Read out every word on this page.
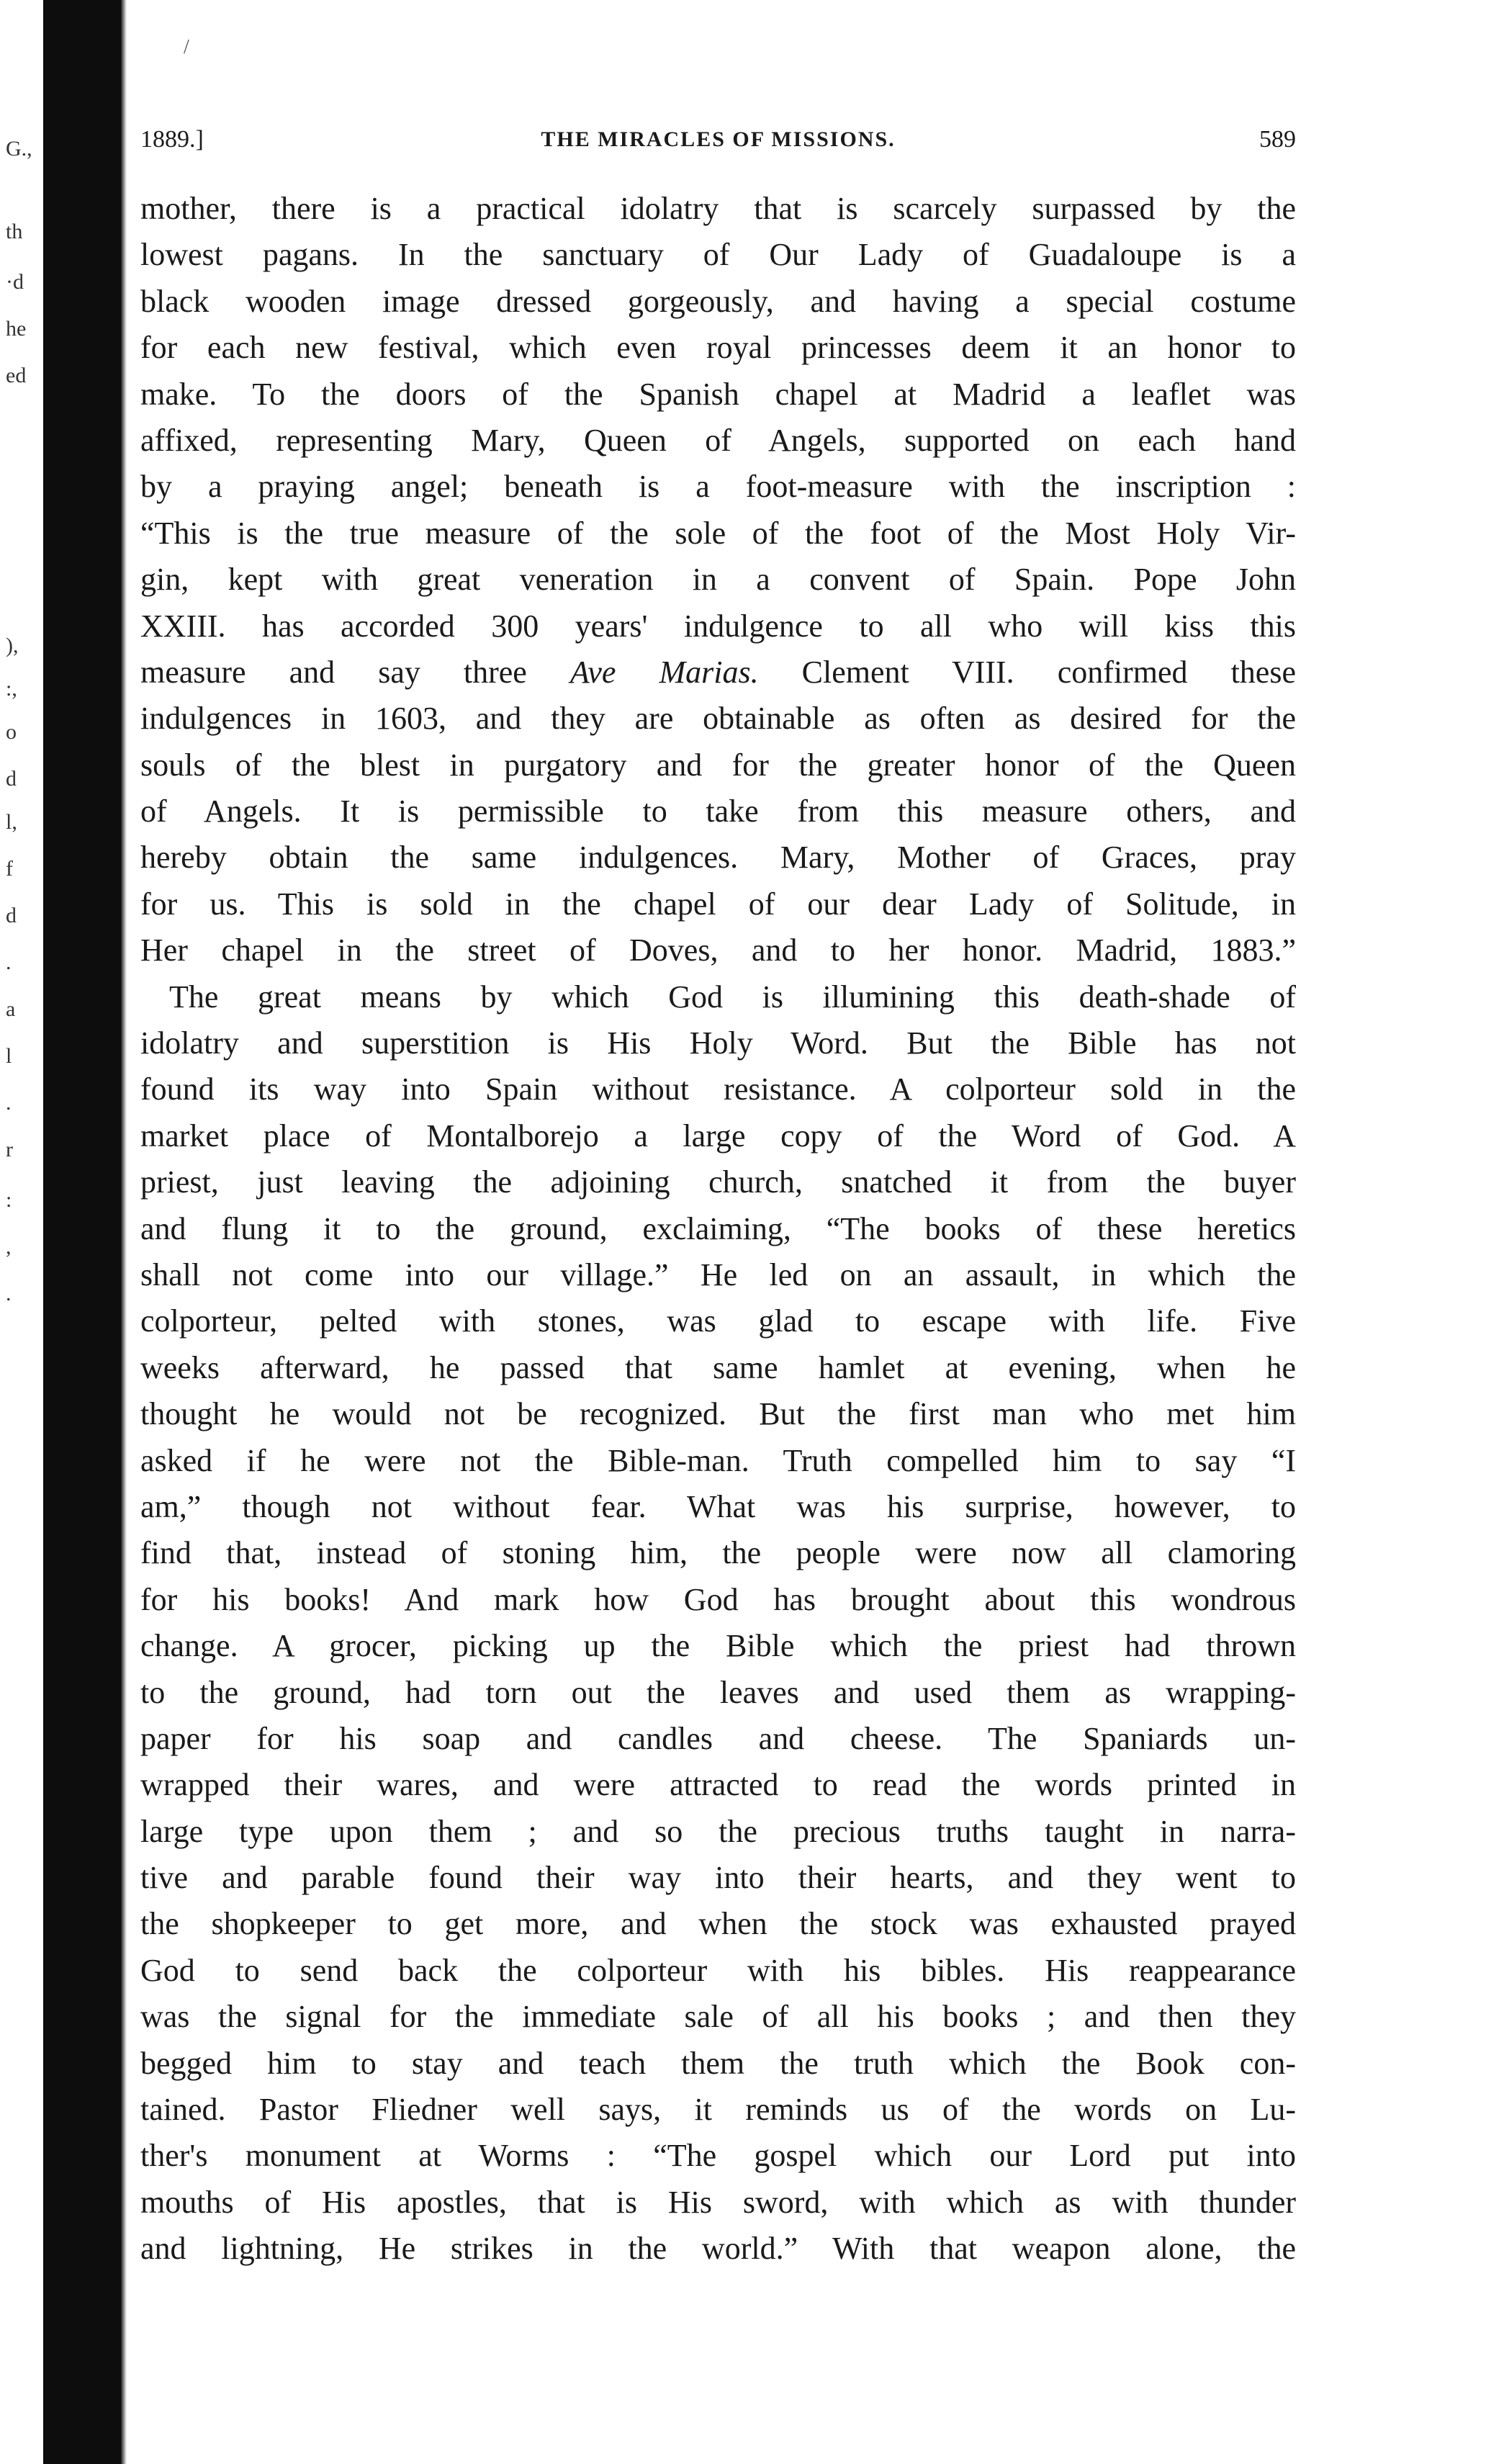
G.,
th
·d
he
ed
),
:,
o
d
l,
f
d
.
a
l
.
r
:
,
.
/
1889.]	THE MIRACLES OF MISSIONS.	589
mother, there is a practical idolatry that is scarcely surpassed by the
lowest pagans. In the sanctuary of Our Lady of Guadaloupe is a
black wooden image dressed gorgeously, and having a special costume
for each new festival, which even royal princesses deem it an honor to
make. To the doors of the Spanish chapel at Madrid a leaflet was
affixed, representing Mary, Queen of Angels, supported on each hand
by a praying angel; beneath is a foot-measure with the inscription :
“This is the true measure of the sole of the foot of the Most Holy Vir-
gin, kept with great veneration in a convent of Spain. Pope John
XXIII. has accorded 300 years' indulgence to all who will kiss this
measure and say three Ave Marias. Clement VIII. confirmed these
indulgences in 1603, and they are obtainable as often as desired for the
souls of the blest in purgatory and for the greater honor of the Queen
of Angels. It is permissible to take from this measure others, and
hereby obtain the same indulgences. Mary, Mother of Graces, pray
for us. This is sold in the chapel of our dear Lady of Solitude, in
Her chapel in the street of Doves, and to her honor. Madrid, 1883.”
The great means by which God is illumining this death-shade of
idolatry and superstition is His Holy Word. But the Bible has not
found its way into Spain without resistance. A colporteur sold in the
market place of Montalborejo a large copy of the Word of God. A
priest, just leaving the adjoining church, snatched it from the buyer
and flung it to the ground, exclaiming, “The books of these heretics
shall not come into our village.” He led on an assault, in which the
colporteur, pelted with stones, was glad to escape with life. Five
weeks afterward, he passed that same hamlet at evening, when he
thought he would not be recognized. But the first man who met him
asked if he were not the Bible-man. Truth compelled him to say “I
am,” though not without fear. What was his surprise, however, to
find that, instead of stoning him, the people were now all clamoring
for his books! And mark how God has brought about this wondrous
change. A grocer, picking up the Bible which the priest had thrown
to the ground, had torn out the leaves and used them as wrapping-
paper for his soap and candles and cheese. The Spaniards un-
wrapped their wares, and were attracted to read the words printed in
large type upon them ; and so the precious truths taught in narra-
tive and parable found their way into their hearts, and they went to
the shopkeeper to get more, and when the stock was exhausted prayed
God to send back the colporteur with his bibles. His reappearance
was the signal for the immediate sale of all his books ; and then they
begged him to stay and teach them the truth which the Book con-
tained. Pastor Fliedner well says, it reminds us of the words on Lu-
ther's monument at Worms : “The gospel which our Lord put into
mouths of His apostles, that is His sword, with which as with thunder
and lightning, He strikes in the world.” With that weapon alone, the
